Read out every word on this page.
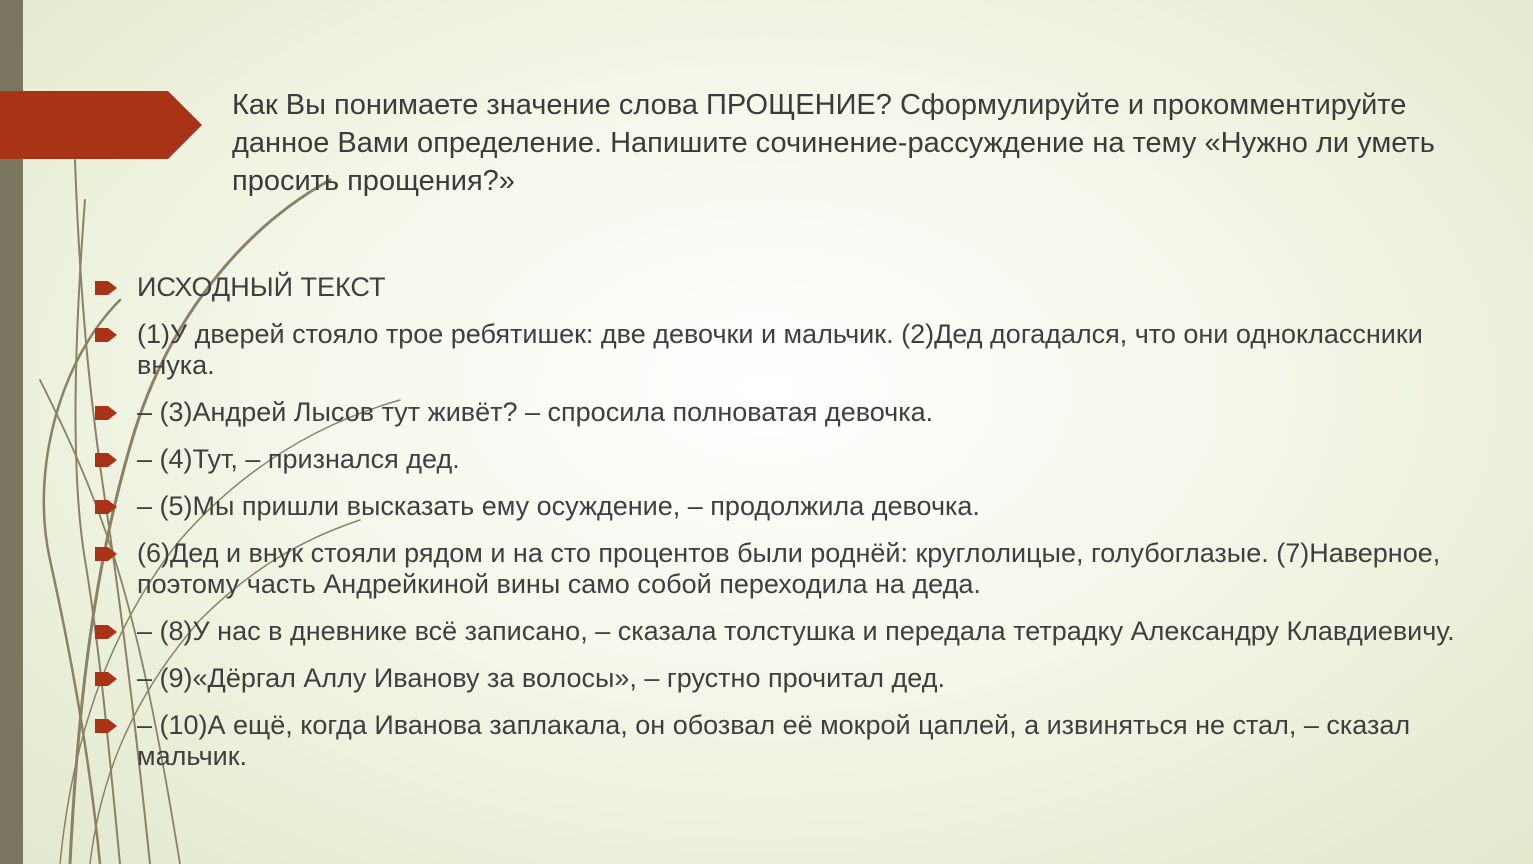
Как Вы понимаете значение слова ПРОЩЕНИЕ? Сформулируйте и прокомментируйте данное Вами определение. Напишите сочинение-рассуждение на тему «Нужно ли уметь просить прощения?»
ИСХОДНЫЙ ТЕКСТ
(1)У дверей стояло трое ребятишек: две девочки и мальчик. (2)Дед догадался, что они одноклассники внука.
– (3)Андрей Лысов тут живёт? – спросила полноватая девочка.
– (4)Тут, – признался дед.
– (5)Мы пришли высказать ему осуждение, – продолжила девочка.
(6)Дед и внук стояли рядом и на сто процентов были роднёй: круглолицые, голубоглазые. (7)Наверное, поэтому часть Андрейкиной вины само собой переходила на деда.
– (8)У нас в дневнике всё записано, – сказала толстушка и передала тетрадку Александру Клавдиевичу.
– (9)«Дёргал Аллу Иванову за волосы», – грустно прочитал дед.
– (10)А ещё, когда Иванова заплакала, он обозвал её мокрой цаплей, а извиняться не стал, – сказал мальчик.
